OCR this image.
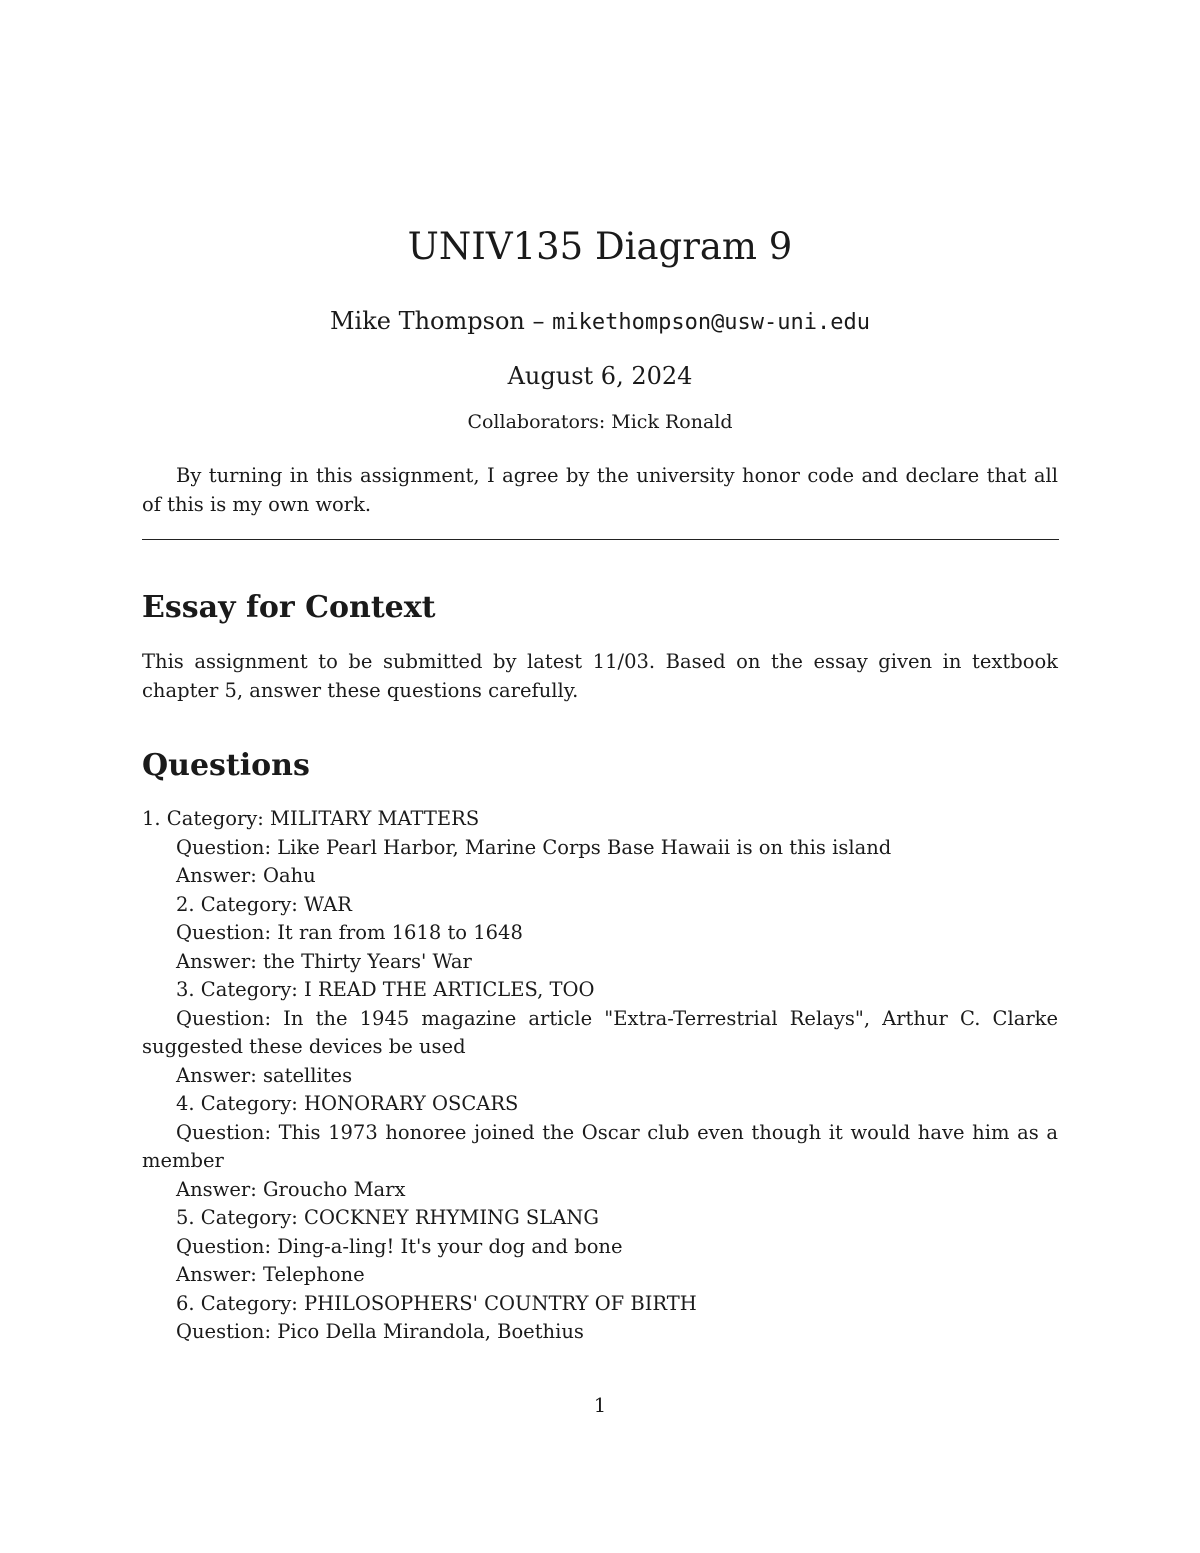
UNIV135 Diagram 9
Mike Thompson – mikethompson@usw-uni.edu
August 6, 2024
Collaborators: Mick Ronald

By turning in this assignment, I agree by the university honor code and declare that all of this is my own work.

Essay for Context

This assignment to be submitted by latest 11/03. Based on the essay given in textbook chapter 5, answer these questions carefully.

Questions

1. Category: MILITARY MATTERS

Question: Like Pearl Harbor, Marine Corps Base Hawaii is on this island

Answer: Oahu

2. Category: WAR

Question: It ran from 1618 to 1648

Answer: the Thirty Years' War

3. Category: I READ THE ARTICLES, TOO

Question: In the 1945 magazine article "Extra-Terrestrial Relays", Arthur C. Clarke suggested these devices be used

Answer: satellites

4. Category: HONORARY OSCARS

Question: This 1973 honoree joined the Oscar club even though it would have him as a member

Answer: Groucho Marx

5. Category: COCKNEY RHYMING SLANG

Question: Ding-a-ling! It's your dog and bone

Answer: Telephone

6. Category: PHILOSOPHERS' COUNTRY OF BIRTH

Question: Pico Della Mirandola, Boethius

1
